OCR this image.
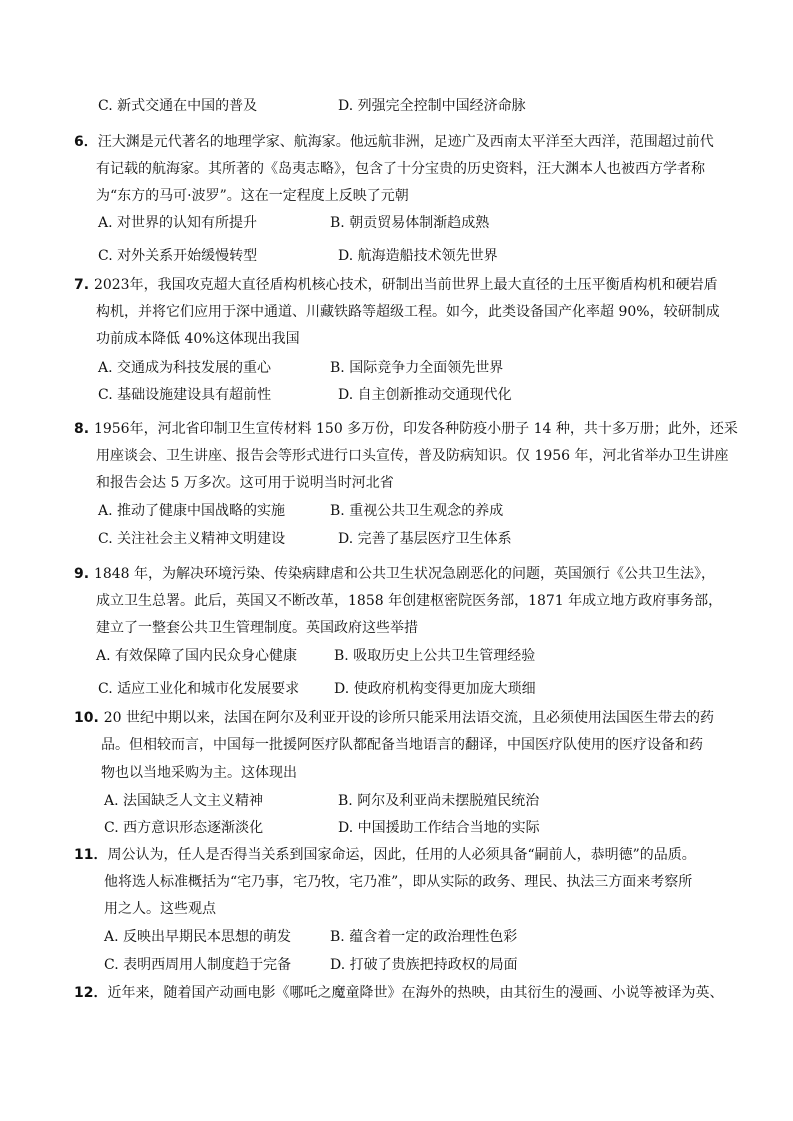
C. 新式交通在中国的普及	D. 列强完全控制中国经济命脉
6．汪大渊是元代著名的地理学家、航海家。他远航非洲，足迹广及西南太平洋至大西洋，范围超过前代
有记载的航海家。其所著的《岛夷志略》，包含了十分宝贵的历史资料，汪大渊本人也被西方学者称
为“东方的马可·波罗”。这在一定程度上反映了元朝
A. 对世界的认知有所提升	B. 朝贡贸易体制渐趋成熟
C. 对外关系开始缓慢转型	D. 航海造船技术领先世界
7. 2023年，我国攻克超大直径盾构机核心技术，研制出当前世界上最大直径的土压平衡盾构机和硬岩盾
构机，并将它们应用于深中通道、川藏铁路等超级工程。如今，此类设备国产化率超 90%，较研制成
功前成本降低 40%这体现出我国
A. 交通成为科技发展的重心	B. 国际竞争力全面领先世界
C. 基础设施建设具有超前性	D. 自主创新推动交通现代化
8. 1956年，河北省印制卫生宣传材料 150 多万份，印发各种防疫小册子 14 种，共十多万册；此外，还采
用座谈会、卫生讲座、报告会等形式进行口头宣传，普及防病知识。仅 1956 年，河北省举办卫生讲座
和报告会达 5 万多次。这可用于说明当时河北省
A. 推动了健康中国战略的实施	B. 重视公共卫生观念的养成
C. 关注社会主义精神文明建设	D. 完善了基层医疗卫生体系
9. 1848 年，为解决环境污染、传染病肆虐和公共卫生状况急剧恶化的问题，英国颁行《公共卫生法》，
成立卫生总署。此后，英国又不断改革，1858 年创建枢密院医务部，1871 年成立地方政府事务部，
建立了一整套公共卫生管理制度。英国政府这些举措
A. 有效保障了国内民众身心健康	B. 吸取历史上公共卫生管理经验
C. 适应工业化和城市化发展要求 D. 使政府机构变得更加庞大琐细
10. 20 世纪中期以来，法国在阿尔及利亚开设的诊所只能采用法语交流，且必须使用法国医生带去的药
品。但相较而言，中国每一批援阿医疗队都配备当地语言的翻译，中国医疗队使用的医疗设备和药
物也以当地采购为主。这体现出
A. 法国缺乏人文主义精神	B. 阿尔及利亚尚未摆脱殖民统治
C. 西方意识形态逐渐淡化	D. 中国援助工作结合当地的实际
11．周公认为，任人是否得当关系到国家命运，因此，任用的人必须具备“嗣前人，恭明德”的品质。
他将选人标准概括为“宅乃事，宅乃牧，宅乃准”，即从实际的政务、理民、执法三方面来考察所
用之人。这些观点
A. 反映出早期民本思想的萌发	B. 蕴含着一定的政治理性色彩
C. 表明西周用人制度趋于完备	D. 打破了贵族把持政权的局面
12．近年来，随着国产动画电影《哪吒之魔童降世》在海外的热映，由其衍生的漫画、小说等被译为英、
